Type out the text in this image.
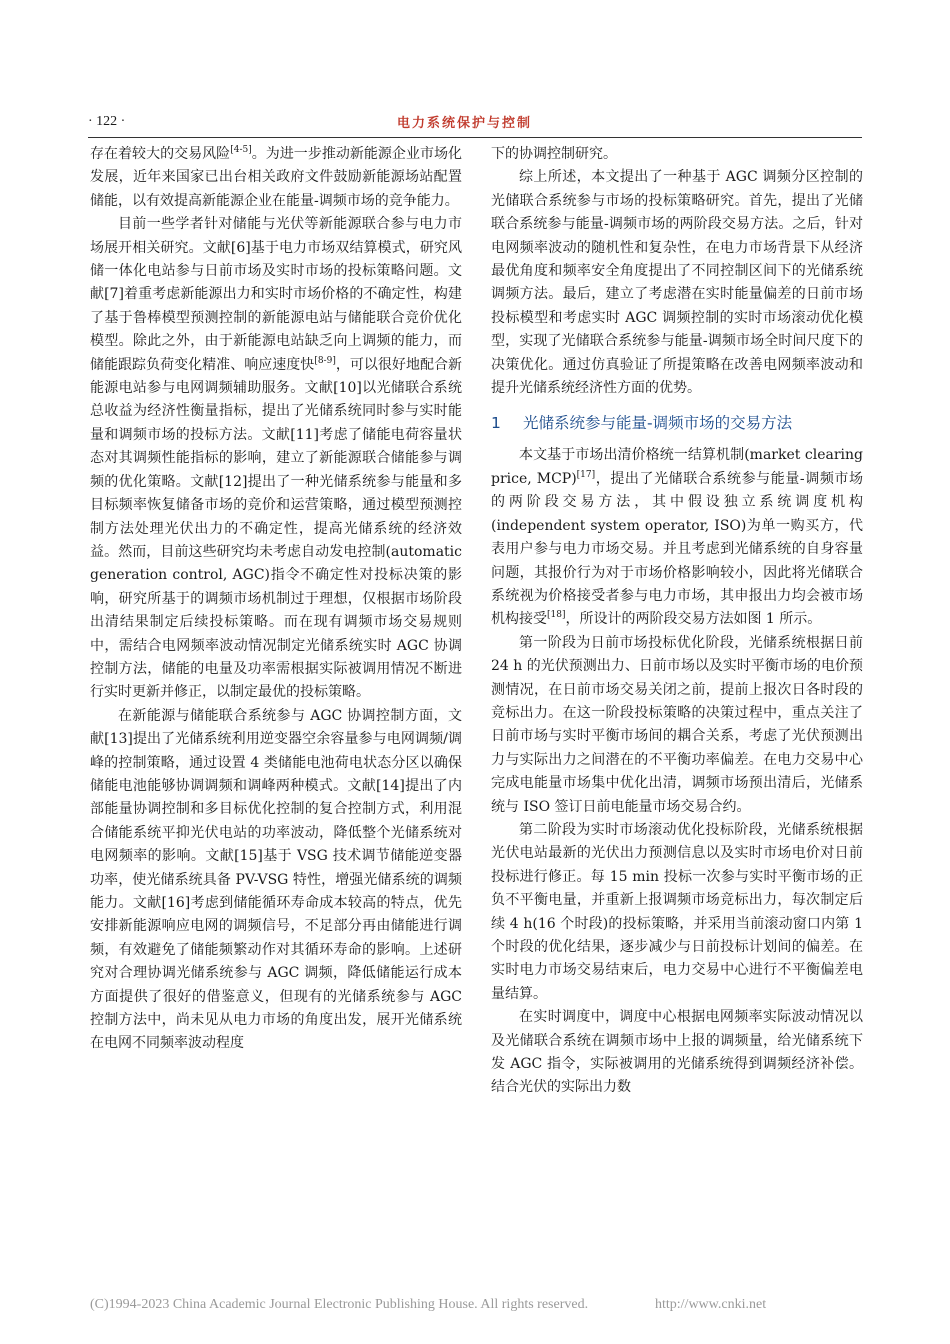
· 122 ·	电力系统保护与控制

存在着较大的交易风险[4-5]。为进一步推动新能源企业市场化发展，近年来国家已出台相关政府文件鼓励新能源场站配置储能，以有效提高新能源企业在能量-调频市场的竞争能力。

目前一些学者针对储能与光伏等新能源联合参与电力市场展开相关研究。文献[6]基于电力市场双结算模式，研究风储一体化电站参与日前市场及实时市场的投标策略问题。文献[7]着重考虑新能源出力和实时市场价格的不确定性，构建了基于鲁棒模型预测控制的新能源电站与储能联合竞价优化模型。除此之外，由于新能源电站缺乏向上调频的能力，而储能跟踪负荷变化精准、响应速度快[8-9]，可以很好地配合新能源电站参与电网调频辅助服务。文献[10]以光储联合系统总收益为经济性衡量指标，提出了光储系统同时参与实时能量和调频市场的投标方法。文献[11]考虑了储能电荷容量状态对其调频性能指标的影响，建立了新能源联合储能参与调频的优化策略。文献[12]提出了一种光储系统参与能量和多目标频率恢复储备市场的竞价和运营策略，通过模型预测控制方法处理光伏出力的不确定性，提高光储系统的经济效益。然而，目前这些研究均未考虑自动发电控制(automatic generation control, AGC)指令不确定性对投标决策的影响，研究所基于的调频市场机制过于理想，仅根据市场阶段出清结果制定后续投标策略。而在现有调频市场交易规则中，需结合电网频率波动情况制定光储系统实时 AGC 协调控制方法，储能的电量及功率需根据实际被调用情况不断进行实时更新并修正，以制定最优的投标策略。

在新能源与储能联合系统参与 AGC 协调控制方面，文献[13]提出了光储系统利用逆变器空余容量参与电网调频/调峰的控制策略，通过设置 4 类储能电池荷电状态分区以确保储能电池能够协调调频和调峰两种模式。文献[14]提出了内部能量协调控制和多目标优化控制的复合控制方式，利用混合储能系统平抑光伏电站的功率波动，降低整个光储系统对电网频率的影响。文献[15]基于 VSG 技术调节储能逆变器功率，使光储系统具备 PV-VSG 特性，增强光储系统的调频能力。文献[16]考虑到储能循环寿命成本较高的特点，优先安排新能源响应电网的调频信号，不足部分再由储能进行调频，有效避免了储能频繁动作对其循环寿命的影响。上述研究对合理协调光储系统参与 AGC 调频，降低储能运行成本方面提供了很好的借鉴意义，但现有的光储系统参与 AGC 控制方法中，尚未见从电力市场的角度出发，展开光储系统在电网不同频率波动程度

下的协调控制研究。

综上所述，本文提出了一种基于 AGC 调频分区控制的光储联合系统参与市场的投标策略研究。首先，提出了光储联合系统参与能量-调频市场的两阶段交易方法。之后，针对电网频率波动的随机性和复杂性，在电力市场背景下从经济最优角度和频率安全角度提出了不同控制区间下的光储系统调频方法。最后，建立了考虑潜在实时能量偏差的日前市场投标模型和考虑实时 AGC 调频控制的实时市场滚动优化模型，实现了光储联合系统参与能量-调频市场全时间尺度下的决策优化。通过仿真验证了所提策略在改善电网频率波动和提升光储系统经济性方面的优势。

1 光储系统参与能量-调频市场的交易方法

本文基于市场出清价格统一结算机制(market clearing price, MCP)[17]，提出了光储联合系统参与能量-调频市场的两阶段交易方法，其中假设独立系统调度机构(independent system operator, ISO)为单一购买方，代表用户参与电力市场交易。并且考虑到光储系统的自身容量问题，其报价行为对于市场价格影响较小，因此将光储联合系统视为价格接受者参与电力市场，其申报出力均会被市场机构接受[18]，所设计的两阶段交易方法如图 1 所示。

第一阶段为日前市场投标优化阶段，光储系统根据日前 24 h 的光伏预测出力、日前市场以及实时平衡市场的电价预测情况，在日前市场交易关闭之前，提前上报次日各时段的竞标出力。在这一阶段投标策略的决策过程中，重点关注了日前市场与实时平衡市场间的耦合关系，考虑了光伏预测出力与实际出力之间潜在的不平衡功率偏差。在电力交易中心完成电能量市场集中优化出清，调频市场预出清后，光储系统与 ISO 签订日前电能量市场交易合约。

第二阶段为实时市场滚动优化投标阶段，光储系统根据光伏电站最新的光伏出力预测信息以及实时市场电价对日前投标进行修正。每 15 min 投标一次参与实时平衡市场的正负不平衡电量，并重新上报调频市场竞标出力，每次制定后续 4 h(16 个时段)的投标策略，并采用当前滚动窗口内第 1 个时段的优化结果，逐步减少与日前投标计划间的偏差。在实时电力市场交易结束后，电力交易中心进行不平衡偏差电量结算。

在实时调度中，调度中心根据电网频率实际波动情况以及光储联合系统在调频市场中上报的调频量，给光储系统下发 AGC 指令，实际被调用的光储系统得到调频经济补偿。结合光伏的实际出力数

(C)1994-2023 China Academic Journal Electronic Publishing House. All rights reserved.	http://www.cnki.net
